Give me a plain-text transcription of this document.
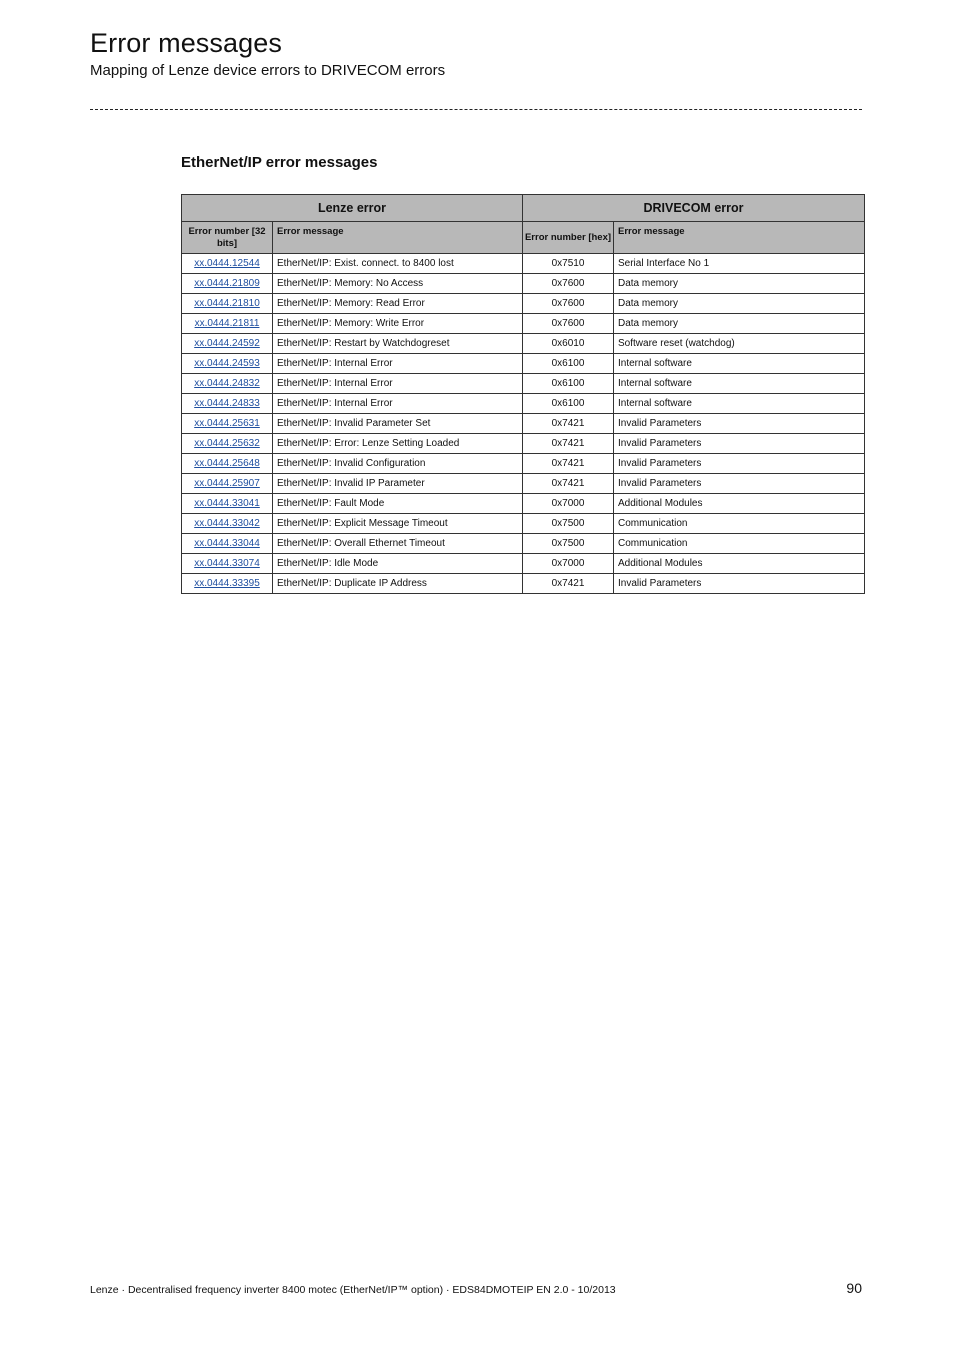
Error messages
Mapping of Lenze device errors to DRIVECOM errors
EtherNet/IP error messages
Lenze error		DRIVECOM error	
Error number [32 bits]	Error message	Error number [hex]	Error message
xx.0444.12544	EtherNet/IP: Exist. connect. to 8400 lost	0x7510	Serial Interface No 1
xx.0444.21809	EtherNet/IP: Memory: No Access	0x7600	Data memory
xx.0444.21810	EtherNet/IP: Memory: Read Error	0x7600	Data memory
xx.0444.21811	EtherNet/IP: Memory: Write Error	0x7600	Data memory
xx.0444.24592	EtherNet/IP: Restart by Watchdogreset	0x6010	Software reset (watchdog)
xx.0444.24593	EtherNet/IP: Internal Error	0x6100	Internal software
xx.0444.24832	EtherNet/IP: Internal Error	0x6100	Internal software
xx.0444.24833	EtherNet/IP: Internal Error	0x6100	Internal software
xx.0444.25631	EtherNet/IP: Invalid Parameter Set	0x7421	Invalid Parameters
xx.0444.25632	EtherNet/IP: Error: Lenze Setting Loaded	0x7421	Invalid Parameters
xx.0444.25648	EtherNet/IP: Invalid Configuration	0x7421	Invalid Parameters
xx.0444.25907	EtherNet/IP: Invalid IP Parameter	0x7421	Invalid Parameters
xx.0444.33041	EtherNet/IP: Fault Mode	0x7000	Additional Modules
xx.0444.33042	EtherNet/IP: Explicit Message Timeout	0x7500	Communication
xx.0444.33044	EtherNet/IP: Overall Ethernet Timeout	0x7500	Communication
xx.0444.33074	EtherNet/IP: Idle Mode	0x7000	Additional Modules
xx.0444.33395	EtherNet/IP: Duplicate IP Address	0x7421	Invalid Parameters
Lenze · Decentralised frequency inverter 8400 motec (EtherNet/IP™ option) · EDS84DMOTEIP EN 2.0 - 10/2013	90
